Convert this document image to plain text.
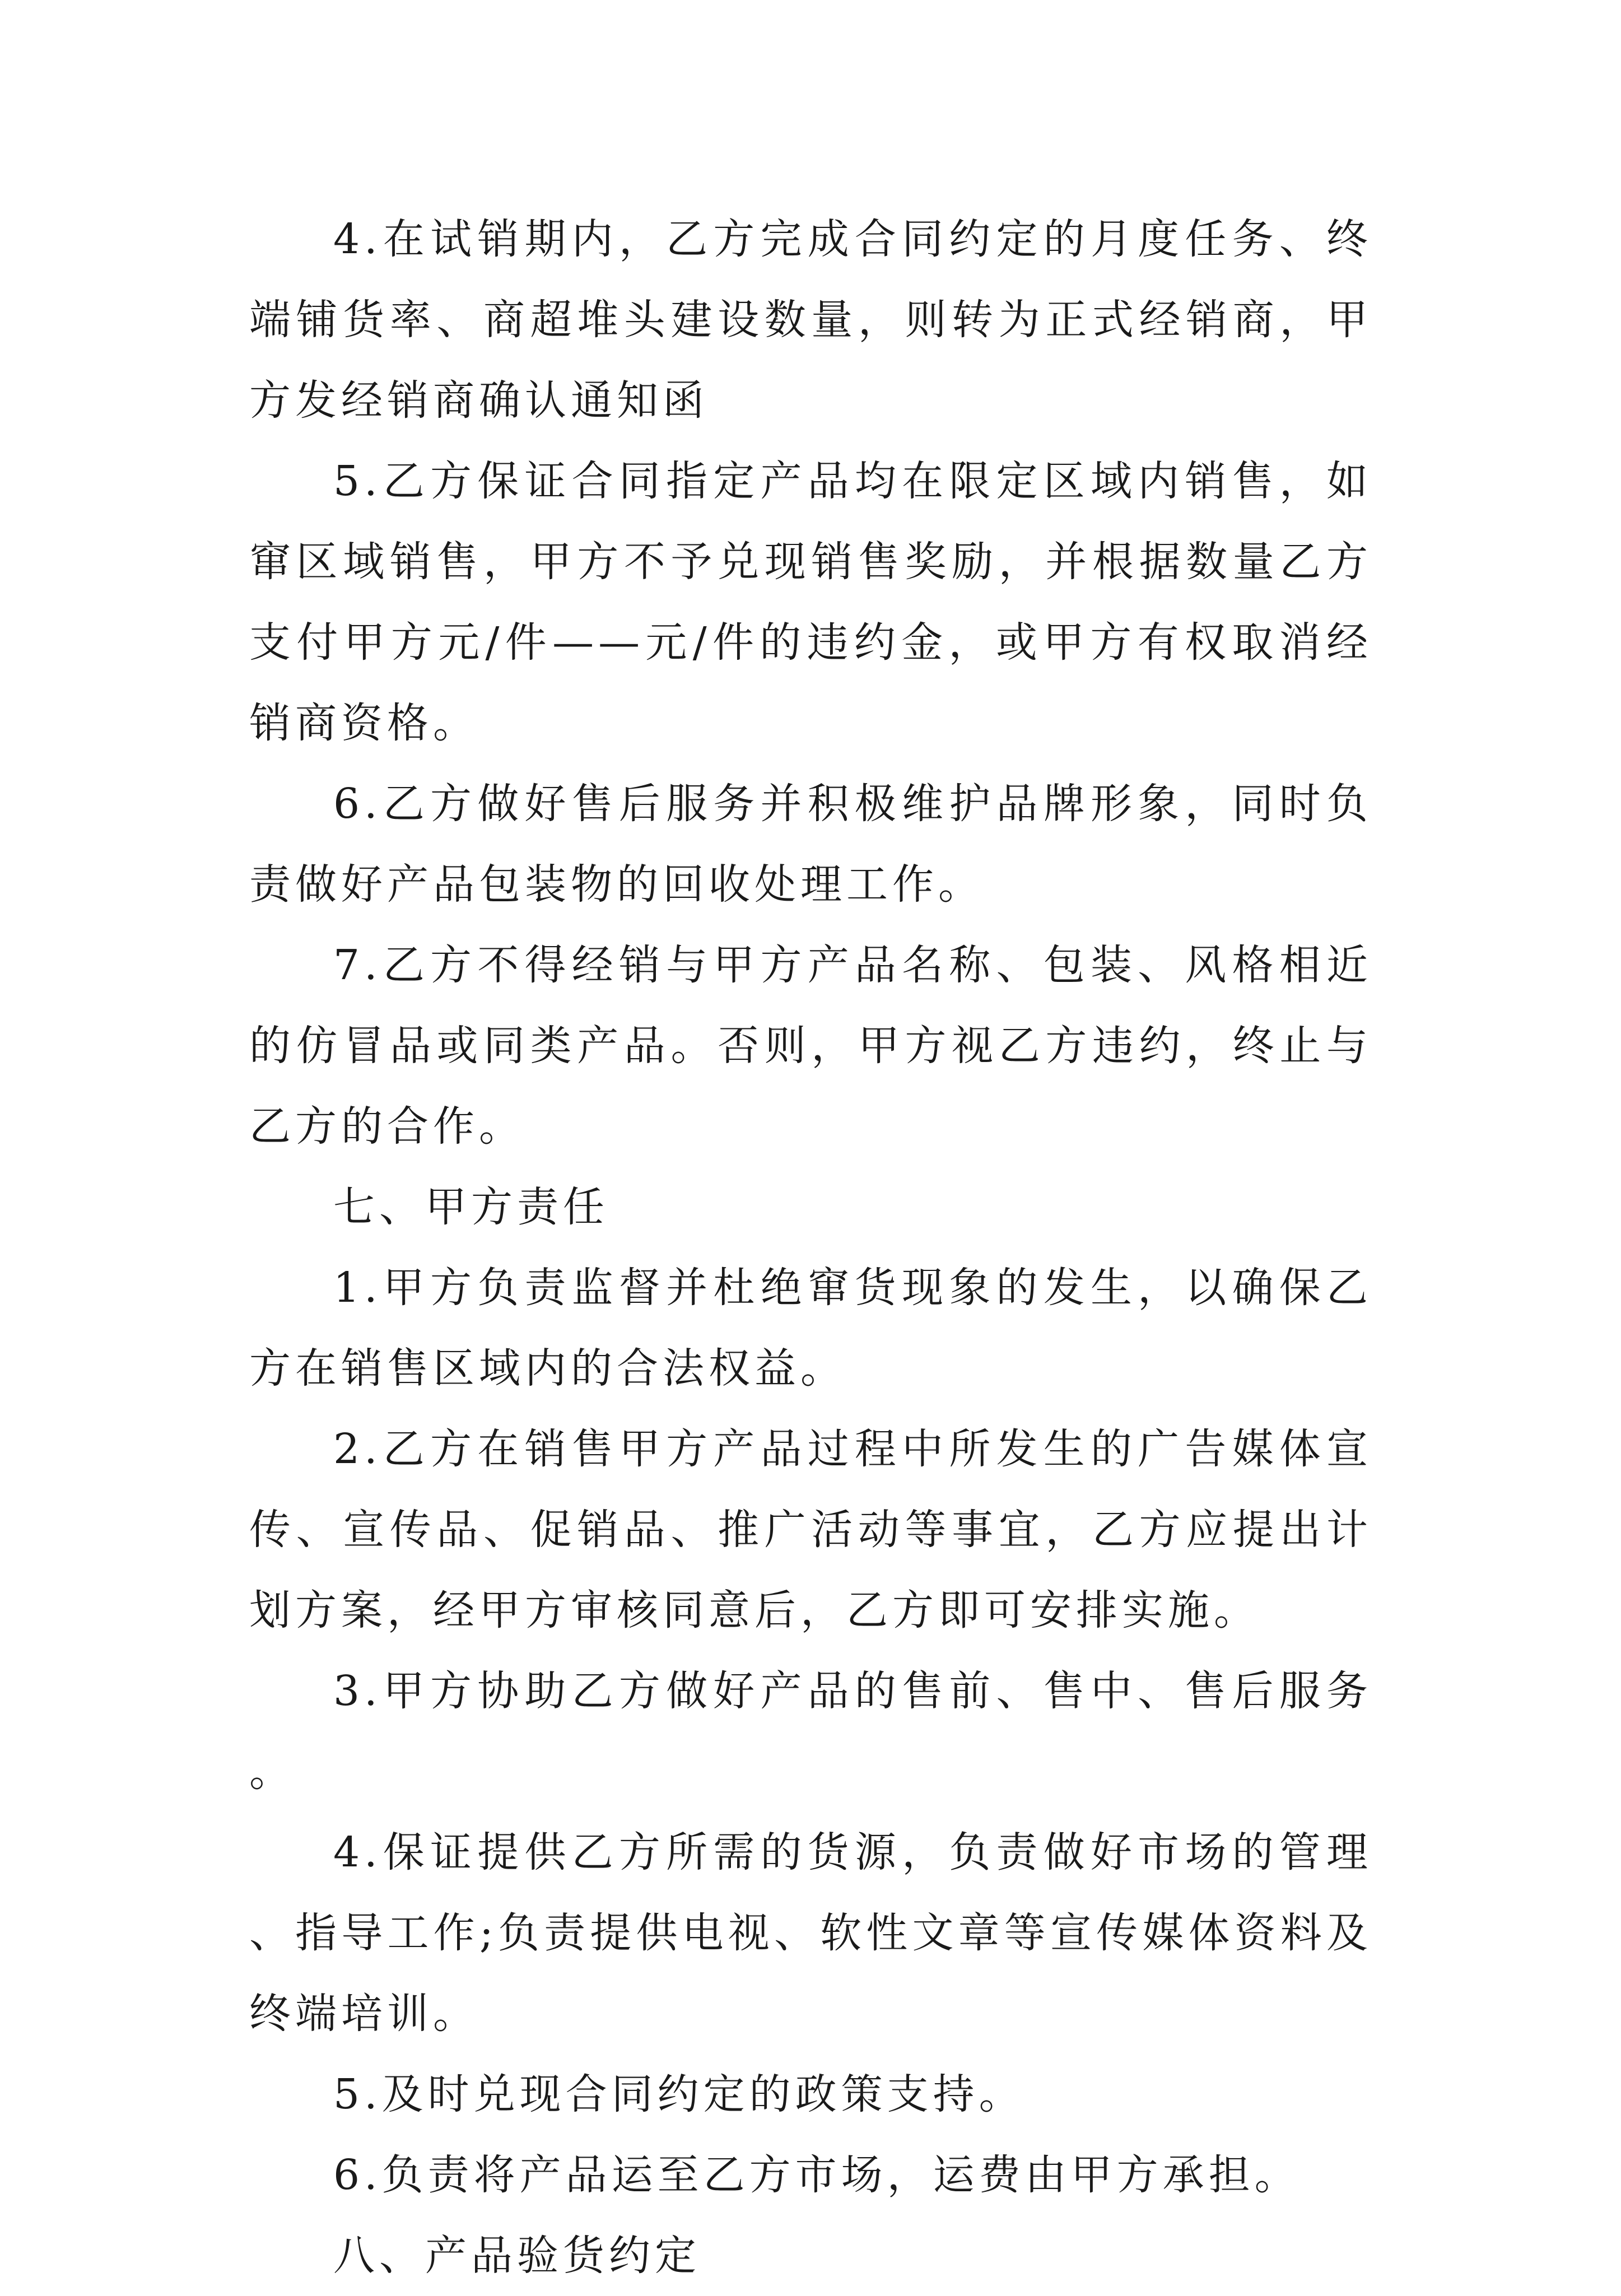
4.在试销期内，乙方完成合同约定的月度任务、终端铺货率、商超堆头建设数量，则转为正式经销商，甲方发经销商确认通知函

5.乙方保证合同指定产品均在限定区域内销售，如窜区域销售，甲方不予兑现销售奖励，并根据数量乙方支付甲方元/件——元/件的违约金，或甲方有权取消经销商资格。

6.乙方做好售后服务并积极维护品牌形象，同时负责做好产品包装物的回收处理工作。

7.乙方不得经销与甲方产品名称、包装、风格相近的仿冒品或同类产品。否则，甲方视乙方违约，终止与乙方的合作。

七、甲方责任

1.甲方负责监督并杜绝窜货现象的发生，以确保乙方在销售区域内的合法权益。

2.乙方在销售甲方产品过程中所发生的广告媒体宣传、宣传品、促销品、推广活动等事宜，乙方应提出计划方案，经甲方审核同意后，乙方即可安排实施。

3.甲方协助乙方做好产品的售前、售中、售后服务。

4.保证提供乙方所需的货源，负责做好市场的管理、指导工作;负责提供电视、软性文章等宣传媒体资料及终端培训。

5.及时兑现合同约定的政策支持。

6.负责将产品运至乙方市场，运费由甲方承担。

八、产品验货约定
